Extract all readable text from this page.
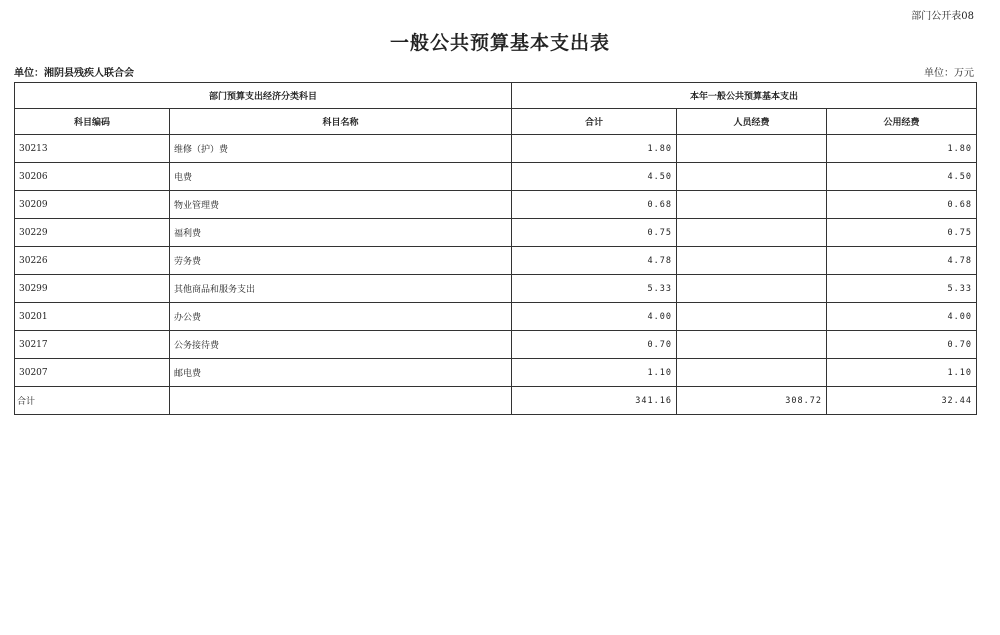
部门公开表08
一般公共预算基本支出表
单位：湘阴县残疾人联合会	单位：万元
部门预算支出经济分类科目		本年一般公共预算基本支出		
科目编码	科目名称	合计	人员经费	公用经费
30213	维修（护）费	1.80		1.80
30206	电费	4.50		4.50
30209	物业管理费	0.68		0.68
30229	福利费	0.75		0.75
30226	劳务费	4.78		4.78
30299	其他商品和服务支出	5.33		5.33
30201	办公费	4.00		4.00
30217	公务接待费	0.70		0.70
30207	邮电费	1.10		1.10
合计		341.16	308.72	32.44
